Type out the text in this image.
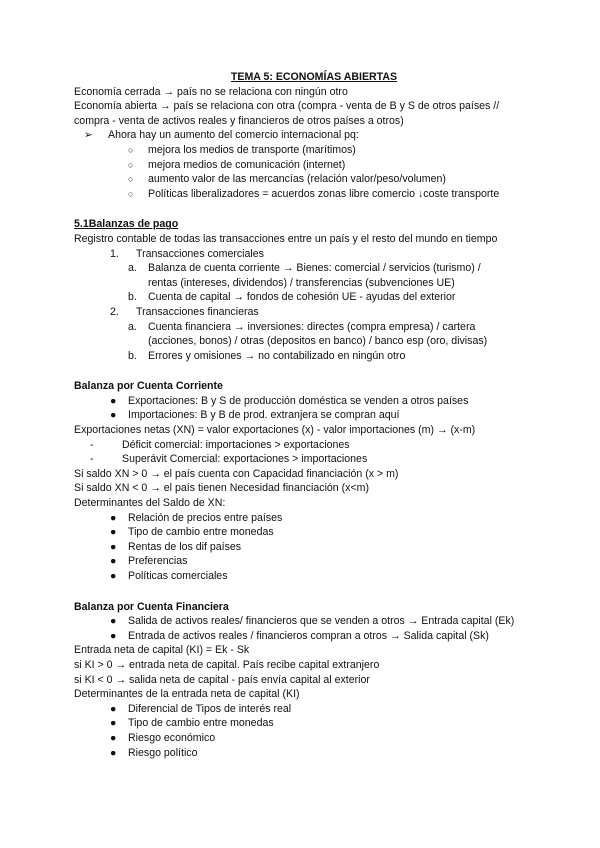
TEMA 5: ECONOMÍAS ABIERTAS

Economía cerrada → país no se relaciona con ningún otro

Economía abierta → país se relaciona con otra (compra - venta de B y S de otros países //

compra - venta de activos reales y financieros de otros países a otros)

➢	Ahora hay un aumento del comercio internacional pq:
○	mejora los medios de transporte (marítimos)
○	mejora medios de comunicación (internet)
○	aumento valor de las mercancías (relación valor/peso/volumen)
○	Políticas liberalizadores = acuerdos zonas libre comercio ↓coste transporte

5.1Balanzas de pago

Registro contable de todas las transacciones entre un país y el resto del mundo en tiempo

1.	Transacciones comerciales
a.	Balanza de cuenta corriente → Bienes: comercial / servicios (turismo) /

rentas (intereses, dividendos) / transferencias (subvenciones UE)

b.	Cuenta de capital → fondos de cohesión UE - ayudas del exterior
2.	Transacciones financieras
a.	Cuenta financiera → inversiones: directes (compra empresa) / cartera

(acciones, bonos) / otras (depositos en banco) / banco esp (oro, divisas)

b.	Errores y omisiones → no contabilizado en ningún otro

Balanza por Cuenta Corriente

●	Exportaciones: B y S de producción doméstica se venden a otros países
●	Importaciones: B y B de prod. extranjera se compran aquí

Exportaciones netas (XN) = valor exportaciones (x) - valor importaciones (m) → (x-m)

-	Déficit comercial: importaciones > exportaciones
-	Superávit Comercial: exportaciones > importaciones

Si saldo XN > 0 → el país cuenta con Capacidad financiación (x > m)

Si saldo XN < 0 → el país tienen Necesidad financiación (x<m)

Determinantes del Saldo de XN:

●	Relación de precios entre países
●	Tipo de cambio entre monedas
●	Rentas de los dif países
●	Preferencias
●	Políticas comerciales

Balanza por Cuenta Financiera

●	Salida de activos reales/ financieros que se venden a otros → Entrada capital (Ek)
●	Entrada de activos reales / financieros compran a otros → Salida capital (Sk)

Entrada neta de capital (KI) = Ek - Sk

si KI > 0 → entrada neta de capital. País recibe capital extranjero

si KI < 0 → salida neta de capital - país envía capital al exterior

Determinantes de la entrada neta de capital (KI)

●	Diferencial de Tipos de interés real
●	Tipo de cambio entre monedas
●	Riesgo económico
●	Riesgo político
